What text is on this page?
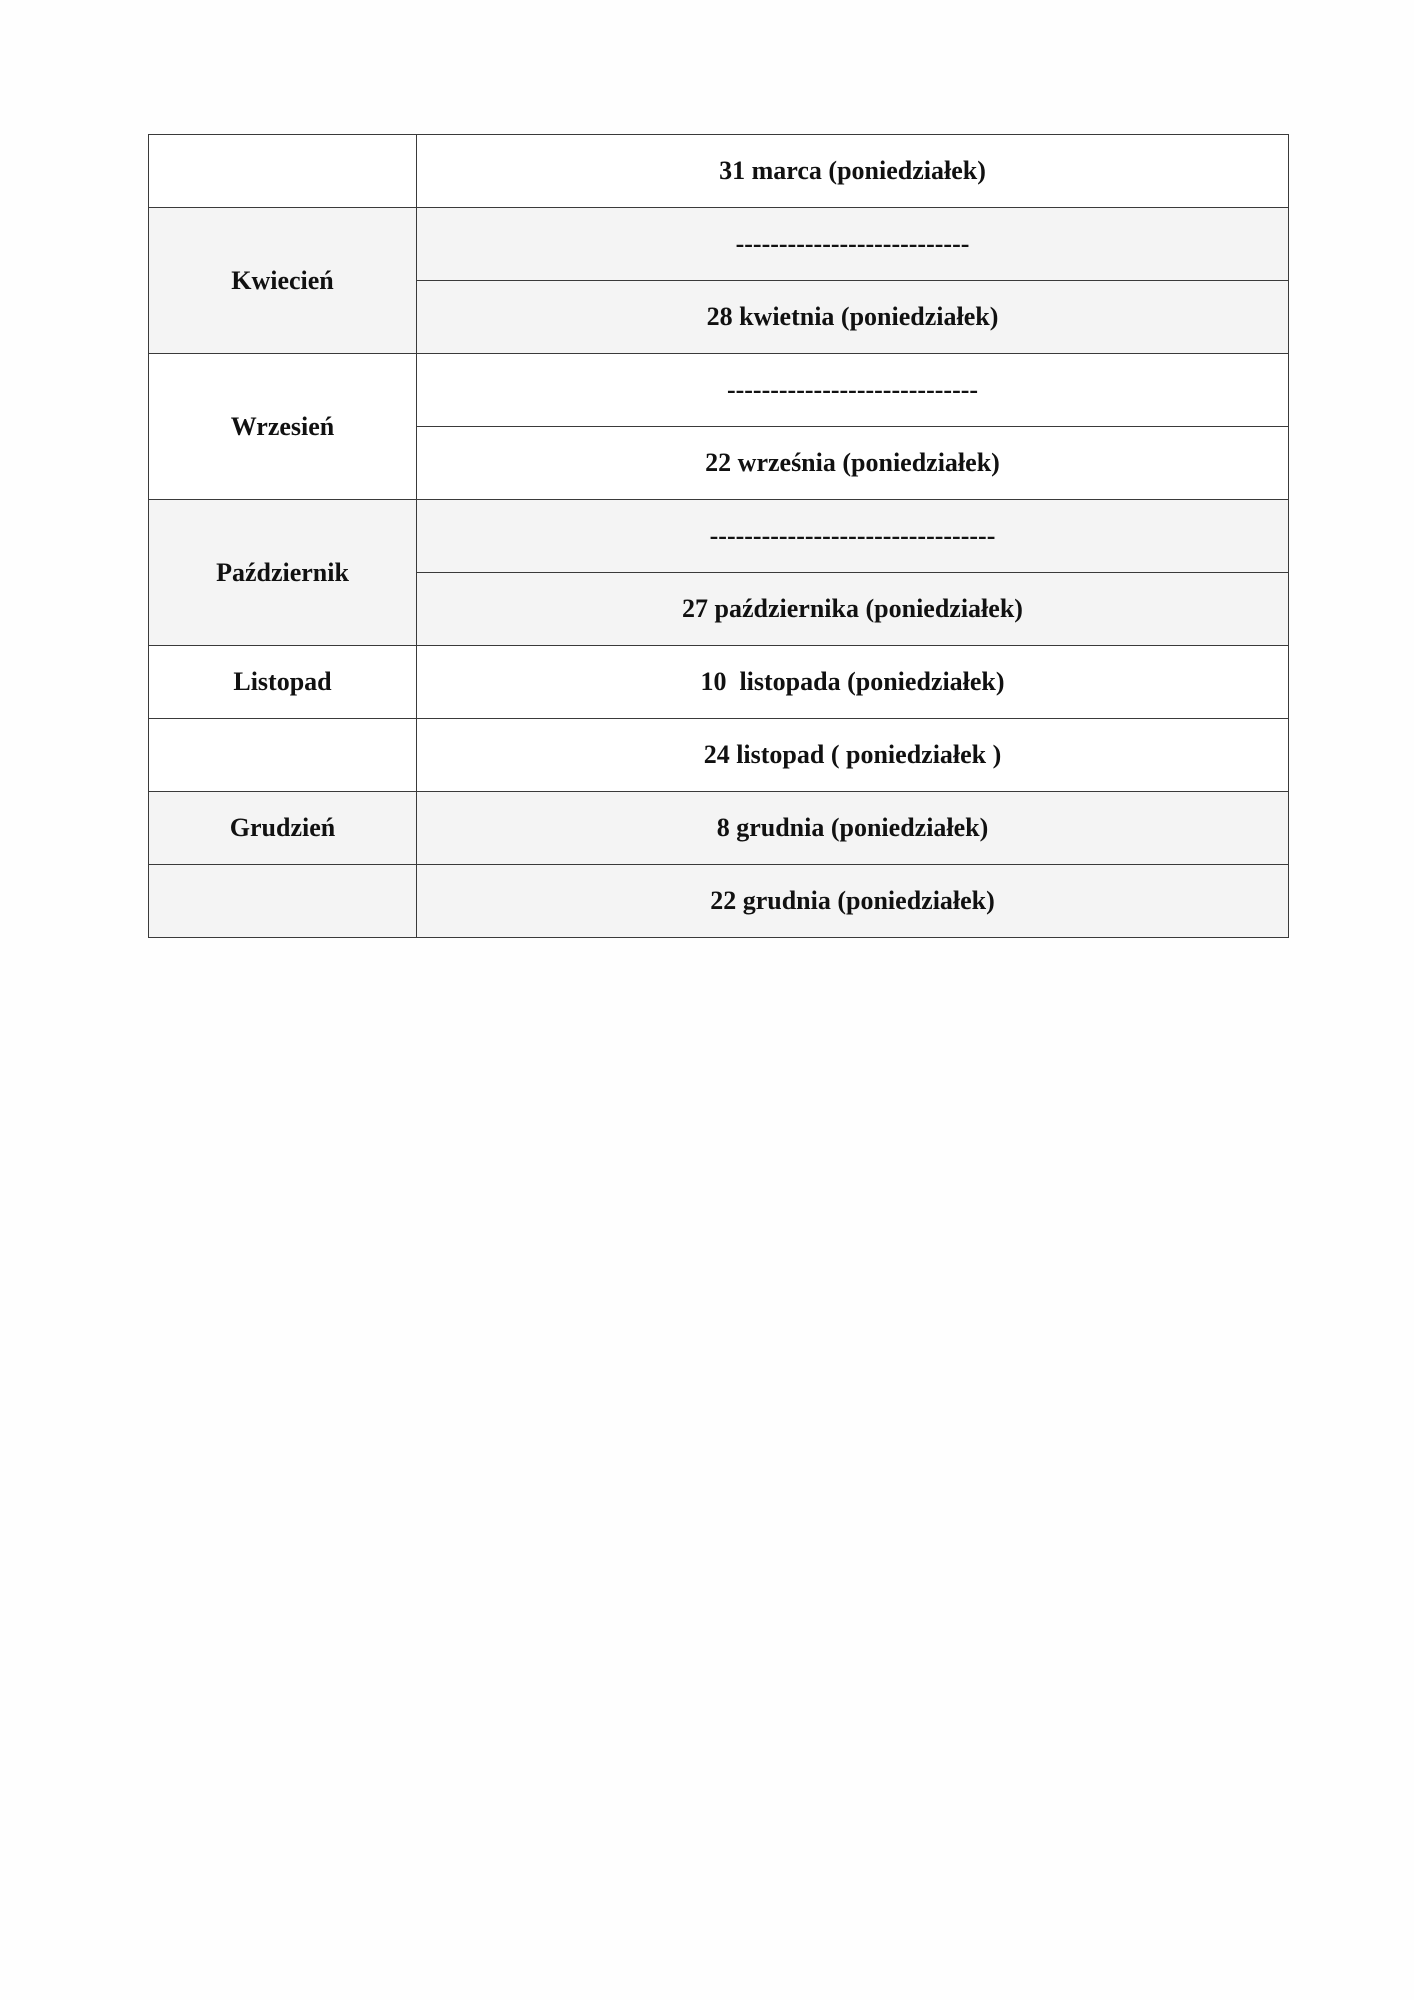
	31 marca (poniedziałek)
Kwiecień	---------------------------
	28 kwietnia (poniedziałek)
Wrzesień	-----------------------------
	22 września (poniedziałek)
Październik	---------------------------------
	27 października (poniedziałek)
Listopad	10  listopada (poniedziałek)
	24 listopad ( poniedziałek )
Grudzień	8 grudnia (poniedziałek)
	22 grudnia (poniedziałek)
